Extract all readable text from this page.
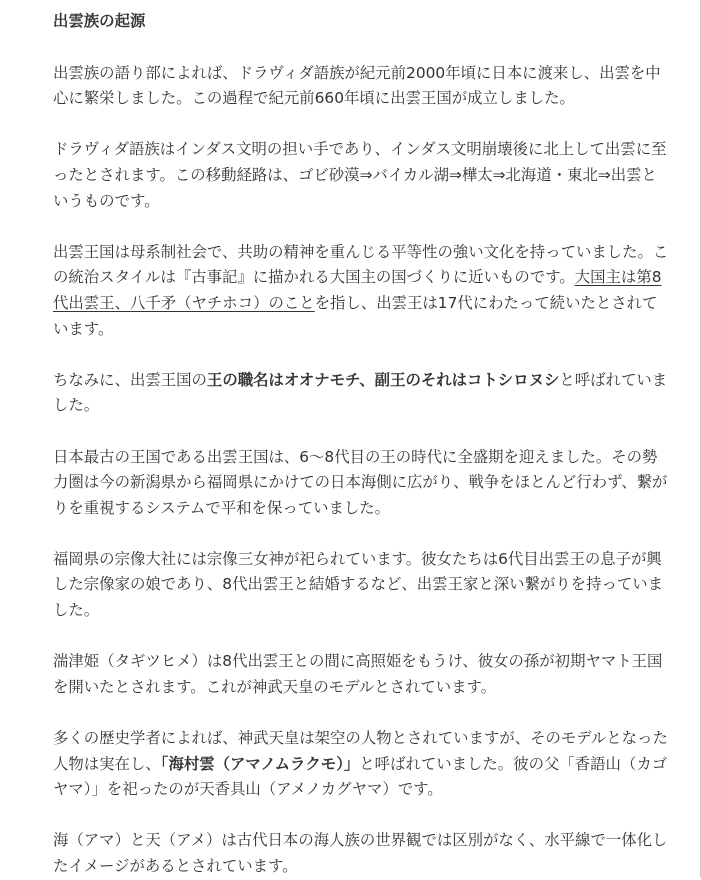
出雲族の起源

出雲族の語り部によれば、ドラヴィダ語族が紀元前2000年頃に日本に渡来し、出雲を中心に繁栄しました。この過程で紀元前660年頃に出雲王国が成立しました。

ドラヴィダ語族はインダス文明の担い手であり、インダス文明崩壊後に北上して出雲に至ったとされます。この移動経路は、ゴビ砂漠⇒バイカル湖⇒樺太⇒北海道・東北⇒出雲というものです。

出雲王国は母系制社会で、共助の精神を重んじる平等性の強い文化を持っていました。この統治スタイルは『古事記』に描かれる大国主の国づくりに近いものです。大国主は第8代出雲王、八千矛（ヤチホコ）のことを指し、出雲王は17代にわたって続いたとされています。

ちなみに、出雲王国の王の職名はオオナモチ、副王のそれはコトシロヌシと呼ばれていました。

日本最古の王国である出雲王国は、6〜8代目の王の時代に全盛期を迎えました。その勢力圏は今の新潟県から福岡県にかけての日本海側に広がり、戦争をほとんど行わず、繋がりを重視するシステムで平和を保っていました。

福岡県の宗像大社には宗像三女神が祀られています。彼女たちは6代目出雲王の息子が興した宗像家の娘であり、8代出雲王と結婚するなど、出雲王家と深い繋がりを持っていました。

湍津姫（タギツヒメ）は8代出雲王との間に高照姫をもうけ、彼女の孫が初期ヤマト王国を開いたとされます。これが神武天皇のモデルとされています。

多くの歴史学者によれば、神武天皇は架空の人物とされていますが、そのモデルとなった人物は実在し、「海村雲（アマノムラクモ）」と呼ばれていました。彼の父「香語山（カゴヤマ）」を祀ったのが天香具山（アメノカグヤマ）です。

海（アマ）と天（アメ）は古代日本の海人族の世界観では区別がなく、水平線で一体化したイメージがあるとされています。
